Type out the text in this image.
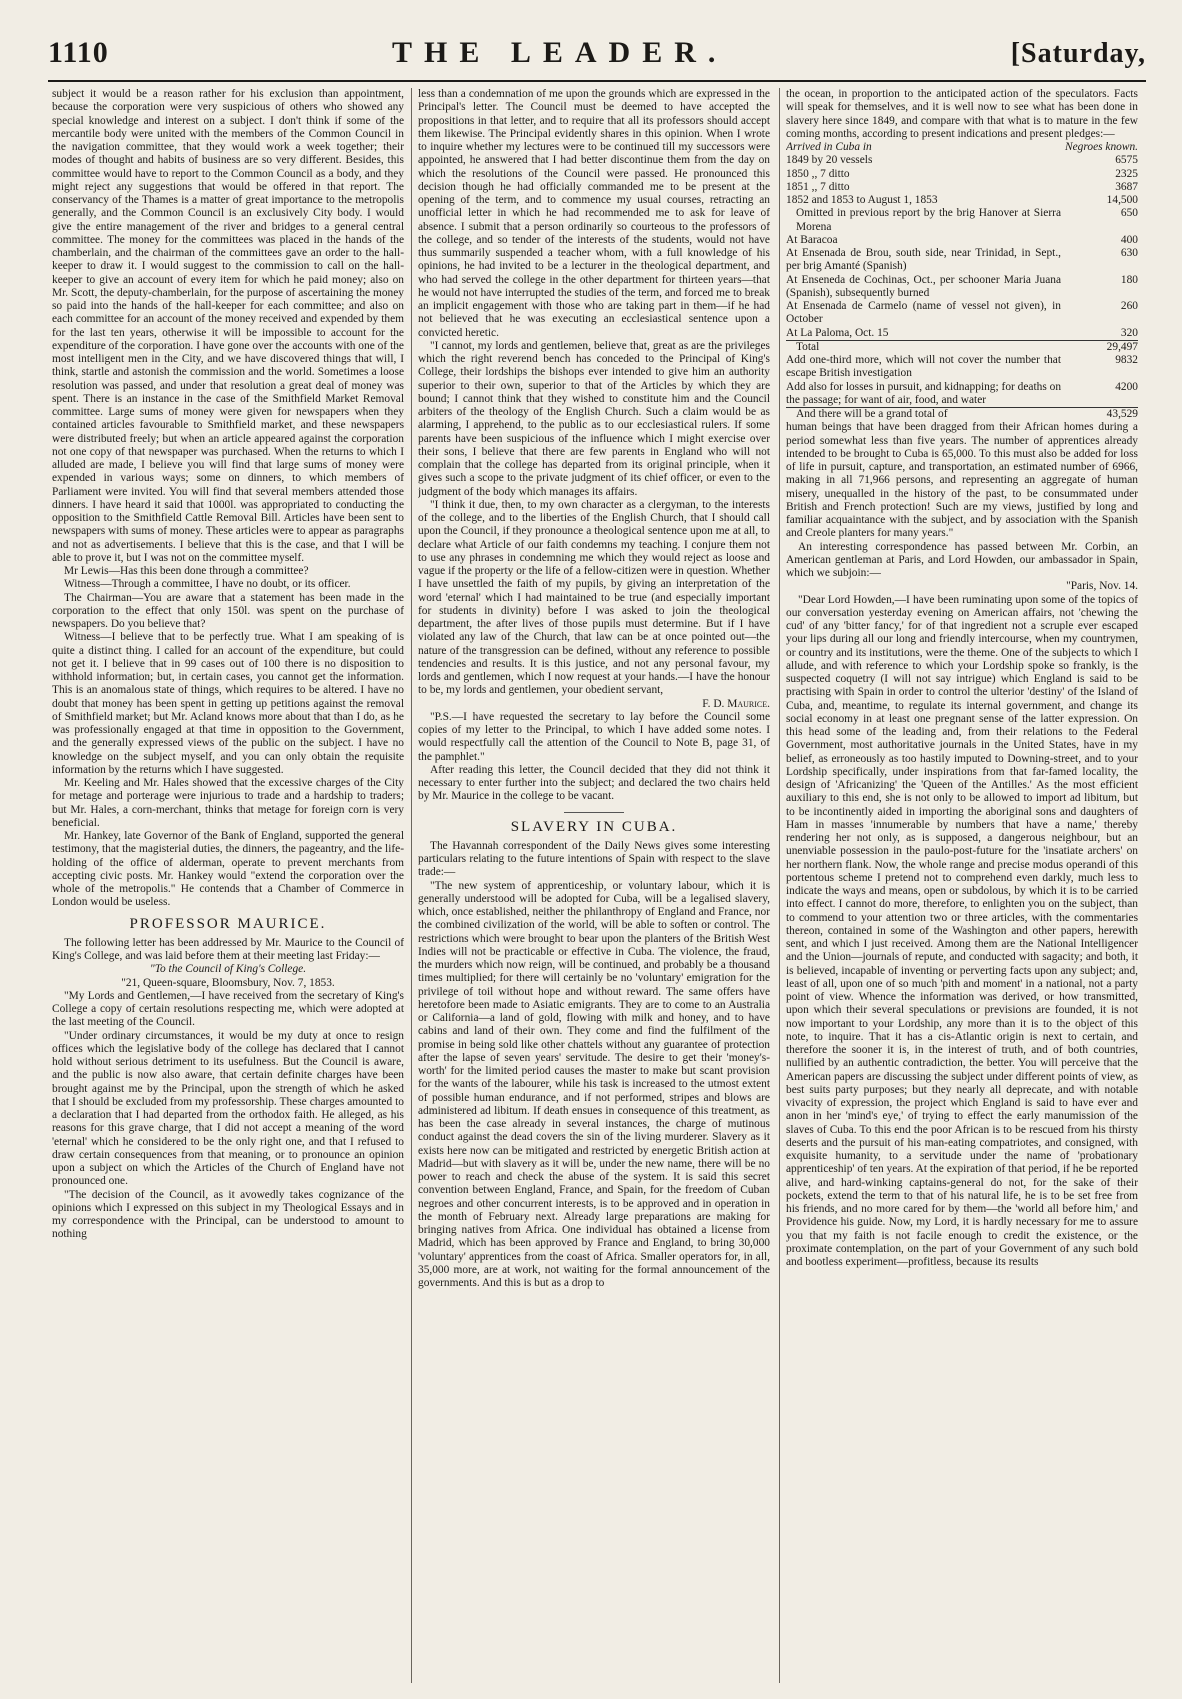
1110	THE LEADER.	[ Saturday,

subject it would be a reason rather for his exclusion than appointment, because the corporation were very suspicious of others who showed any special knowledge and interest on a subject. I don't think if some of the mercantile body were united with the members of the Common Council in the navigation committee, that they would work a week together; their modes of thought and habits of business are so very different. Besides, this committee would have to report to the Common Council as a body, and they might reject any suggestions that would be offered in that report. The conservancy of the Thames is a matter of great importance to the metropolis generally, and the Common Council is an exclusively City body. I would give the entire management of the river and bridges to a general central committee. The money for the committees was placed in the hands of the chamberlain, and the chairman of the committees gave an order to the hall-keeper to draw it. I would suggest to the commission to call on the hall-keeper to give an account of every item for which he paid money; also on Mr. Scott, the deputy-chamberlain, for the purpose of ascertaining the money so paid into the hands of the hall-keeper for each committee; and also on each committee for an account of the money received and expended by them for the last ten years, otherwise it will be impossible to account for the expenditure of the corporation. I have gone over the accounts with one of the most intelligent men in the City, and we have discovered things that will, I think, startle and astonish the commission and the world. Sometimes a loose resolution was passed, and under that resolution a great deal of money was spent. There is an instance in the case of the Smithfield Market Removal committee. Large sums of money were given for newspapers when they contained articles favourable to Smithfield market, and these newspapers were distributed freely; but when an article appeared against the corporation not one copy of that newspaper was purchased. When the returns to which I alluded are made, I believe you will find that large sums of money were expended in various ways; some on dinners, to which members of Parliament were invited. You will find that several members attended those dinners. I have heard it said that 1000l. was appropriated to conducting the opposition to the Smithfield Cattle Removal Bill. Articles have been sent to newspapers with sums of money. These articles were to appear as paragraphs and not as advertisements. I believe that this is the case, and that I will be able to prove it, but I was not on the committee myself.

Mr Lewis—Has this been done through a committee?

Witness—Through a committee, I have no doubt, or its officer.

The Chairman—You are aware that a statement has been made in the corporation to the effect that only 150l. was spent on the purchase of newspapers. Do you believe that?

Witness—I believe that to be perfectly true. What I am speaking of is quite a distinct thing. I called for an account of the expenditure, but could not get it. I believe that in 99 cases out of 100 there is no disposition to withhold information; but, in certain cases, you cannot get the information. This is an anomalous state of things, which requires to be altered. I have no doubt that money has been spent in getting up petitions against the removal of Smithfield market; but Mr. Acland knows more about that than I do, as he was professionally engaged at that time in opposition to the Government, and the generally expressed views of the public on the subject. I have no knowledge on the subject myself, and you can only obtain the requisite information by the returns which I have suggested.

Mr. Keeling and Mr. Hales showed that the excessive charges of the City for metage and porterage were injurious to trade and a hardship to traders; but Mr. Hales, a corn-merchant, thinks that metage for foreign corn is very beneficial.

Mr. Hankey, late Governor of the Bank of England, supported the general testimony, that the magisterial duties, the dinners, the pageantry, and the life-holding of the office of alderman, operate to prevent merchants from accepting civic posts. Mr. Hankey would "extend the corporation over the whole of the metropolis." He contends that a Chamber of Commerce in London would be useless.

PROFESSOR MAURICE.

The following letter has been addressed by Mr. Maurice to the Council of King's College, and was laid before them at their meeting last Friday:—

"To the Council of King's College.

"21, Queen-square, Bloomsbury, Nov. 7, 1853.

"My Lords and Gentlemen,—I have received from the secretary of King's College a copy of certain resolutions respecting me, which were adopted at the last meeting of the Council.

"Under ordinary circumstances, it would be my duty at once to resign offices which the legislative body of the college has declared that I cannot hold without serious detriment to its usefulness. But the Council is aware, and the public is now also aware, that certain definite charges have been brought against me by the Principal, upon the strength of which he asked that I should be excluded from my professorship. These charges amounted to a declaration that I had departed from the orthodox faith. He alleged, as his reasons for this grave charge, that I did not accept a meaning of the word 'eternal' which he considered to be the only right one, and that I refused to draw certain consequences from that meaning, or to pronounce an opinion upon a subject on which the Articles of the Church of England have not pronounced one.

"The decision of the Council, as it avowedly takes cognizance of the opinions which I expressed on this subject in my Theological Essays and in my correspondence with the Principal, can be understood to amount to nothing

less than a condemnation of me upon the grounds which are expressed in the Principal's letter. The Council must be deemed to have accepted the propositions in that letter, and to require that all its professors should accept them likewise. The Principal evidently shares in this opinion. When I wrote to inquire whether my lectures were to be continued till my successors were appointed, he answered that I had better discontinue them from the day on which the resolutions of the Council were passed. He pronounced this decision though he had officially commanded me to be present at the opening of the term, and to commence my usual courses, retracting an unofficial letter in which he had recommended me to ask for leave of absence. I submit that a person ordinarily so courteous to the professors of the college, and so tender of the interests of the students, would not have thus summarily suspended a teacher whom, with a full knowledge of his opinions, he had invited to be a lecturer in the theological department, and who had served the college in the other department for thirteen years—that he would not have interrupted the studies of the term, and forced me to break an implicit engagement with those who are taking part in them—if he had not believed that he was executing an ecclesiastical sentence upon a convicted heretic.

"I cannot, my lords and gentlemen, believe that, great as are the privileges which the right reverend bench has conceded to the Principal of King's College, their lordships the bishops ever intended to give him an authority superior to their own, superior to that of the Articles by which they are bound; I cannot think that they wished to constitute him and the Council arbiters of the theology of the English Church. Such a claim would be as alarming, I apprehend, to the public as to our ecclesiastical rulers. If some parents have been suspicious of the influence which I might exercise over their sons, I believe that there are few parents in England who will not complain that the college has departed from its original principle, when it gives such a scope to the private judgment of its chief officer, or even to the judgment of the body which manages its affairs.

"I think it due, then, to my own character as a clergyman, to the interests of the college, and to the liberties of the English Church, that I should call upon the Council, if they pronounce a theological sentence upon me at all, to declare what Article of our faith condemns my teaching. I conjure them not to use any phrases in condemning me which they would reject as loose and vague if the property or the life of a fellow-citizen were in question. Whether I have unsettled the faith of my pupils, by giving an interpretation of the word 'eternal' which I had maintained to be true (and especially important for students in divinity) before I was asked to join the theological department, the after lives of those pupils must determine. But if I have violated any law of the Church, that law can be at once pointed out—the nature of the transgression can be defined, without any reference to possible tendencies and results. It is this justice, and not any personal favour, my lords and gentlemen, which I now request at your hands.—I have the honour to be, my lords and gentlemen, your obedient servant,

F. D. Maurice.

"P.S.—I have requested the secretary to lay before the Council some copies of my letter to the Principal, to which I have added some notes. I would respectfully call the attention of the Council to Note B, page 31, of the pamphlet."

After reading this letter, the Council decided that they did not think it necessary to enter further into the subject; and declared the two chairs held by Mr. Maurice in the college to be vacant.

SLAVERY IN CUBA.

The Havannah correspondent of the Daily News gives some interesting particulars relating to the future intentions of Spain with respect to the slave trade:—

"The new system of apprenticeship, or voluntary labour, which it is generally understood will be adopted for Cuba, will be a legalised slavery, which, once established, neither the philanthropy of England and France, nor the combined civilization of the world, will be able to soften or control. The restrictions which were brought to bear upon the planters of the British West Indies will not be practicable or effective in Cuba. The violence, the fraud, the murders which now reign, will be continued, and probably be a thousand times multiplied; for there will certainly be no 'voluntary' emigration for the privilege of toil without hope and without reward. The same offers have heretofore been made to Asiatic emigrants. They are to come to an Australia or California—a land of gold, flowing with milk and honey, and to have cabins and land of their own. They come and find the fulfilment of the promise in being sold like other chattels without any guarantee of protection after the lapse of seven years' servitude. The desire to get their 'money's-worth' for the limited period causes the master to make but scant provision for the wants of the labourer, while his task is increased to the utmost extent of possible human endurance, and if not performed, stripes and blows are administered ad libitum. If death ensues in consequence of this treatment, as has been the case already in several instances, the charge of mutinous conduct against the dead covers the sin of the living murderer. Slavery as it exists here now can be mitigated and restricted by energetic British action at Madrid—but with slavery as it will be, under the new name, there will be no power to reach and check the abuse of the system. It is said this secret convention between England, France, and Spain, for the freedom of Cuban negroes and other concurrent interests, is to be approved and in operation in the month of February next. Already large preparations are making for bringing natives from Africa. One individual has obtained a license from Madrid, which has been approved by France and England, to bring 30,000 'voluntary' apprentices from the coast of Africa. Smaller operators for, in all, 35,000 more, are at work, not waiting for the formal announcement of the governments. And this is but as a drop to

the ocean, in proportion to the anticipated action of the speculators. Facts will speak for themselves, and it is well now to see what has been done in slavery here since 1849, and compare with that what is to mature in the few coming months, according to present indications and present pledges:—

Arrived in Cuba in	Negroes known.
1849 by 20 vessels	6575
1850 ,, 7 ditto	2325
1851 ,, 7 ditto	3687
1852 and 1853 to August 1, 1853	14,500
Omitted in previous report by the brig Hanover at Sierra Morena	650
At Baracoa	400
At Ensenada de Brou, south side, near Trinidad, in Sept., per brig Amanté (Spanish)	630
At Enseneda de Cochinas, Oct., per schooner Maria Juana (Spanish), subsequently burned	180
At Ensenada de Carmelo (name of vessel not given), in October	260
At La Paloma, Oct. 15	320
Total	29,497
Add one-third more, which will not cover the number that escape British investigation	9832
Add also for losses in pursuit, and kidnapping; for deaths on the passage; for want of air, food, and water	4200
And there will be a grand total of	43,529

human beings that have been dragged from their African homes during a period somewhat less than five years. The number of apprentices already intended to be brought to Cuba is 65,000. To this must also be added for loss of life in pursuit, capture, and transportation, an estimated number of 6966, making in all 71,966 persons, and representing an aggregate of human misery, unequalled in the history of the past, to be consummated under British and French protection! Such are my views, justified by long and familiar acquaintance with the subject, and by association with the Spanish and Creole planters for many years."

An interesting correspondence has passed between Mr. Corbin, an American gentleman at Paris, and Lord Howden, our ambassador in Spain, which we subjoin:—

"Paris, Nov. 14.

"Dear Lord Howden,—I have been ruminating upon some of the topics of our conversation yesterday evening on American affairs, not 'chewing the cud' of any 'bitter fancy,' for of that ingredient not a scruple ever escaped your lips during all our long and friendly intercourse, when my countrymen, or country and its institutions, were the theme. One of the subjects to which I allude, and with reference to which your Lordship spoke so frankly, is the suspected coquetry (I will not say intrigue) which England is said to be practising with Spain in order to control the ulterior 'destiny' of the Island of Cuba, and, meantime, to regulate its internal government, and change its social economy in at least one pregnant sense of the latter expression. On this head some of the leading and, from their relations to the Federal Government, most authoritative journals in the United States, have in my belief, as erroneously as too hastily imputed to Downing-street, and to your Lordship specifically, under inspirations from that far-famed locality, the design of 'Africanizing' the 'Queen of the Antilles.' As the most efficient auxiliary to this end, she is not only to be allowed to import ad libitum, but to be incontinently aided in importing the aboriginal sons and daughters of Ham in masses 'innumerable by numbers that have a name,' thereby rendering her not only, as is supposed, a dangerous neighbour, but an unenviable possession in the paulo-post-future for the 'insatiate archers' on her northern flank. Now, the whole range and precise modus operandi of this portentous scheme I pretend not to comprehend even darkly, much less to indicate the ways and means, open or subdolous, by which it is to be carried into effect. I cannot do more, therefore, to enlighten you on the subject, than to commend to your attention two or three articles, with the commentaries thereon, contained in some of the Washington and other papers, herewith sent, and which I just received. Among them are the National Intelligencer and the Union—journals of repute, and conducted with sagacity; and both, it is believed, incapable of inventing or perverting facts upon any subject; and, least of all, upon one of so much 'pith and moment' in a national, not a party point of view. Whence the information was derived, or how transmitted, upon which their several speculations or previsions are founded, it is not now important to your Lordship, any more than it is to the object of this note, to inquire. That it has a cis-Atlantic origin is next to certain, and therefore the sooner it is, in the interest of truth, and of both countries, nullified by an authentic contradiction, the better. You will perceive that the American papers are discussing the subject under different points of view, as best suits party purposes; but they nearly all deprecate, and with notable vivacity of expression, the project which England is said to have ever and anon in her 'mind's eye,' of trying to effect the early manumission of the slaves of Cuba. To this end the poor African is to be rescued from his thirsty deserts and the pursuit of his man-eating compatriotes, and consigned, with exquisite humanity, to a servitude under the name of 'probationary apprenticeship' of ten years. At the expiration of that period, if he be reported alive, and hard-winking captains-general do not, for the sake of their pockets, extend the term to that of his natural life, he is to be set free from his friends, and no more cared for by them—the 'world all before him,' and Providence his guide. Now, my Lord, it is hardly necessary for me to assure you that my faith is not facile enough to credit the existence, or the proximate contemplation, on the part of your Government of any such bold and bootless experiment—profitless, because its results
